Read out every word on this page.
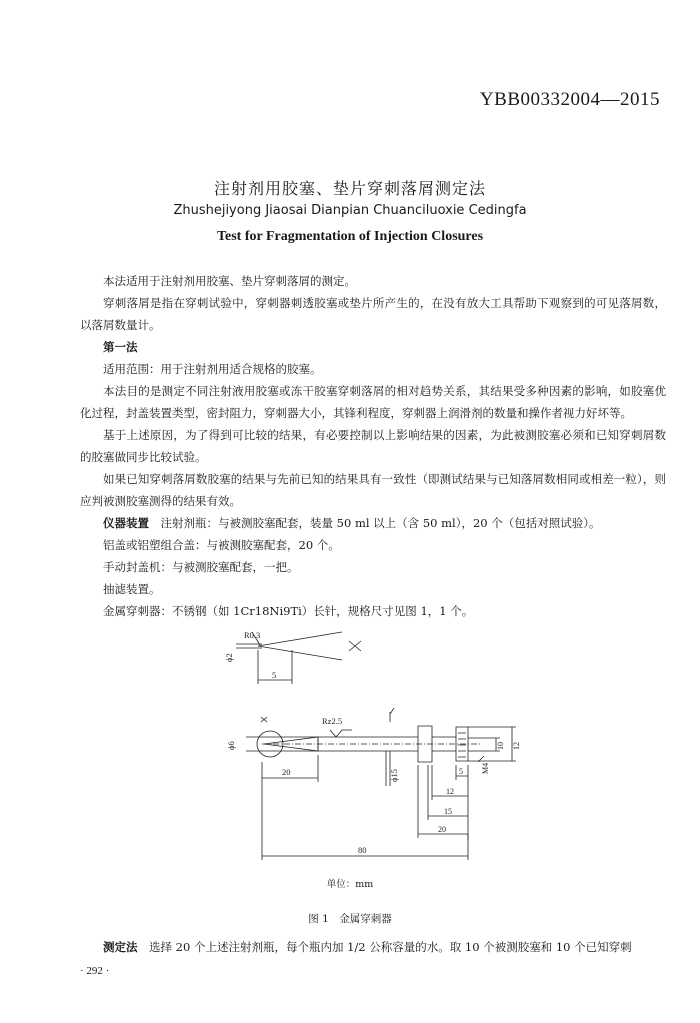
YBB00332004—2015
注射剂用胶塞、垫片穿刺落屑测定法
Zhushejiyong Jiaosai Dianpian Chuanciluoxie Cedingfa
Test for Fragmentation of Injection Closures

本法适用于注射剂用胶塞、垫片穿刺落屑的测定。

穿刺落屑是指在穿刺试验中，穿刺器刺透胶塞或垫片所产生的，在没有放大工具帮助下观察到的可见落屑数，以落屑数量计。

第一法

适用范围：用于注射剂用适合规格的胶塞。

本法目的是测定不同注射液用胶塞或冻干胶塞穿刺落屑的相对趋势关系，其结果受多种因素的影响，如胶塞优化过程，封盖装置类型，密封阻力，穿刺器大小，其锋利程度，穿刺器上润滑剂的数量和操作者视力好坏等。

基于上述原因，为了得到可比较的结果，有必要控制以上影响结果的因素，为此被测胶塞必须和已知穿刺屑数的胶塞做同步比较试验。

如果已知穿刺落屑数胶塞的结果与先前已知的结果具有一致性（即测试结果与已知落屑数相同或相差一粒），则应判被测胶塞测得的结果有效。

仪器装置　 注射剂瓶：与被测胶塞配套，装量 50 ml 以上（含 50 ml），20 个（包括对照试验）。

铝盖或铝塑组合盖：与被测胶塞配套，20 个。

手动封盖机：与被测胶塞配套，一把。

抽滤装置。

金属穿刺器：不锈钢（如 1Cr18Ni9Ti）长针，规格尺寸见图 1，1 个。

R0.3
ϕ2
5
Rz2.5
ϕ6
20	ϕ15
10 12
M4
5
12
15
20
80
单位：mm
图 1　金属穿刺器
测定法　 选择 20 个上述注射剂瓶，每个瓶内加 1/2 公称容量的水。取 10 个被测胶塞和 10 个已知穿刺
· 292 ·
